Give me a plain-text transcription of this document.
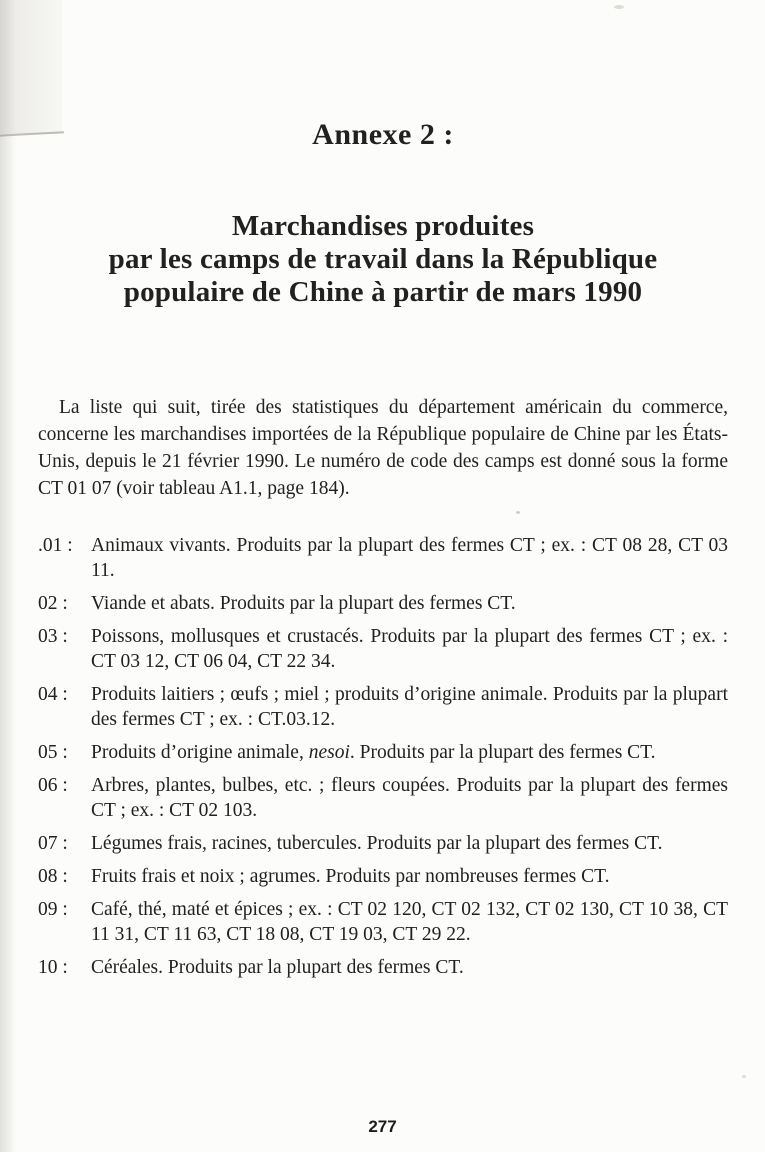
Annexe 2 :
Marchandises produites
par les camps de travail dans la République
populaire de Chine à partir de mars 1990

La liste qui suit, tirée des statistiques du département américain du commerce, concerne les marchandises importées de la République populaire de Chine par les États-Unis, depuis le 21 février 1990. Le numéro de code des camps est donné sous la forme CT 01 07 (voir tableau A1.1, page 184).

.01 : Animaux vivants. Produits par la plupart des fermes CT ; ex. : CT 08 28, CT 03 11.

02 :	Viande et abats. Produits par la plupart des fermes CT.

03 :	Poissons, mollusques et crustacés. Produits par la plupart des fermes CT ; ex. : CT 03 12, CT 06 04, CT 22 34.

04 :	Produits laitiers ; œufs ; miel ; produits d’origine animale. Produits par la plupart des fermes CT ; ex. : CT.03.12.

05 :	Produits d’origine animale, nesoi. Produits par la plupart des fermes CT.

06 :	Arbres, plantes, bulbes, etc. ; fleurs coupées. Produits par la plupart des fermes CT ; ex. : CT 02 103.

07 :	Légumes frais, racines, tubercules. Produits par la plupart des fermes CT.

08 :	Fruits frais et noix ; agrumes. Produits par nombreuses fermes CT.

09 :	Café, thé, maté et épices ; ex. : CT 02 120, CT 02 132, CT 02 130, CT 10 38, CT 11 31, CT 11 63, CT 18 08, CT 19 03, CT 29 22.

10 :	Céréales. Produits par la plupart des fermes CT.

277
